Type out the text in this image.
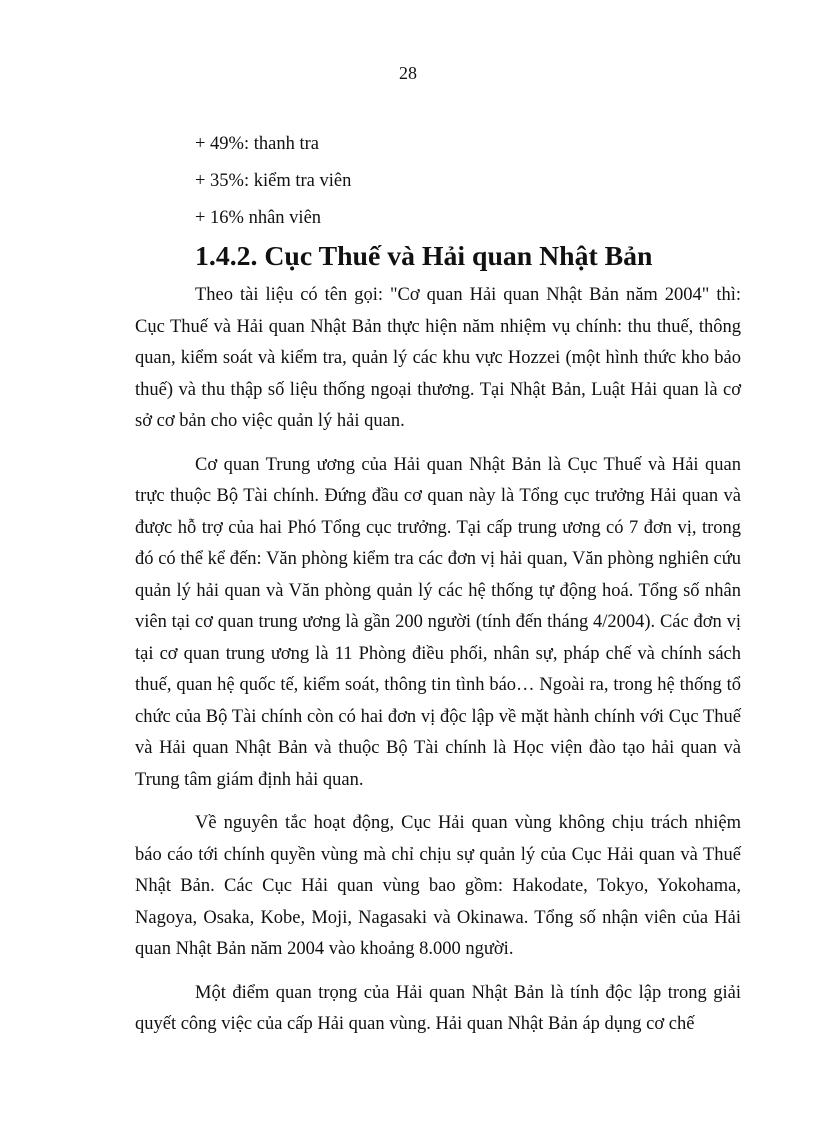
28

+ 49%: thanh tra

+ 35%: kiểm tra viên

+ 16% nhân viên

1.4.2. Cục Thuế và Hải quan Nhật Bản

Theo tài liệu có tên gọi: "Cơ quan Hải quan Nhật Bản năm 2004" thì: Cục Thuế và Hải quan Nhật Bản thực hiện năm nhiệm vụ chính: thu thuế, thông quan, kiểm soát và kiểm tra, quản lý các khu vực Hozzei (một hình thức kho bảo thuế) và thu thập số liệu thống ngoại thương. Tại Nhật Bản, Luật Hải quan là cơ sở cơ bản cho việc quản lý hải quan.

Cơ quan Trung ương của Hải quan Nhật Bản là Cục Thuế và Hải quan trực thuộc Bộ Tài chính. Đứng đầu cơ quan này là Tổng cục trưởng Hải quan và được hỗ trợ của hai Phó Tổng cục trưởng. Tại cấp trung ương có 7 đơn vị, trong đó có thể kể đến: Văn phòng kiểm tra các đơn vị hải quan, Văn phòng nghiên cứu quản lý hải quan và Văn phòng quản lý các hệ thống tự động hoá. Tổng số nhân viên tại cơ quan trung ương là gần 200 người (tính đến tháng 4/2004). Các đơn vị tại cơ quan trung ương là 11 Phòng điều phối, nhân sự, pháp chế và chính sách thuế, quan hệ quốc tế, kiểm soát, thông tin tình báo… Ngoài ra, trong hệ thống tổ chức của Bộ Tài chính còn có hai đơn vị độc lập về mặt hành chính với Cục Thuế và Hải quan Nhật Bản và thuộc Bộ Tài chính là Học viện đào tạo hải quan và Trung tâm giám định hải quan.

Về nguyên tắc hoạt động, Cục Hải quan vùng không chịu trách nhiệm báo cáo tới chính quyền vùng mà chỉ chịu sự quản lý của Cục Hải quan và Thuế Nhật Bản. Các Cục Hải quan vùng bao gồm: Hakodate, Tokyo, Yokohama, Nagoya, Osaka, Kobe, Moji, Nagasaki và Okinawa. Tổng số nhận viên của Hải quan Nhật Bản năm 2004 vào khoảng 8.000 người.

Một điểm quan trọng của Hải quan Nhật Bản là tính độc lập trong giải quyết công việc của cấp Hải quan vùng. Hải quan Nhật Bản áp dụng cơ chế
